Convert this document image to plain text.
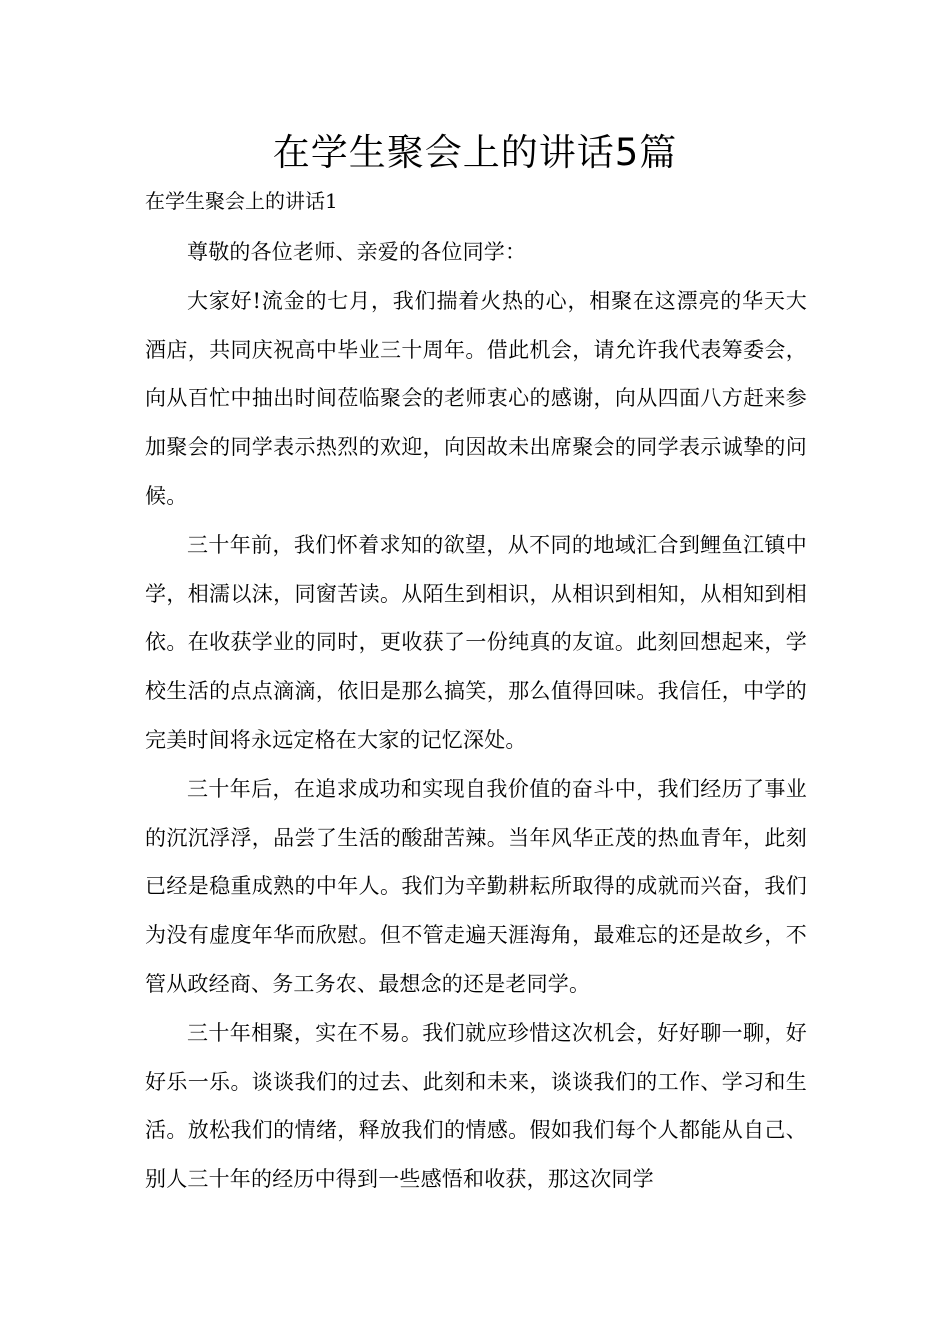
在学生聚会上的讲话5篇

在学生聚会上的讲话1

尊敬的各位老师、亲爱的各位同学：

大家好!流金的七月，我们揣着火热的心，相聚在这漂亮的华天大酒店，共同庆祝高中毕业三十周年。借此机会，请允许我代表筹委会，向从百忙中抽出时间莅临聚会的老师衷心的感谢，向从四面八方赶来参加聚会的同学表示热烈的欢迎，向因故未出席聚会的同学表示诚挚的问候。

三十年前，我们怀着求知的欲望，从不同的地域汇合到鲤鱼江镇中学，相濡以沫，同窗苦读。从陌生到相识，从相识到相知，从相知到相依。在收获学业的同时，更收获了一份纯真的友谊。此刻回想起来，学校生活的点点滴滴，依旧是那么搞笑，那么值得回味。我信任，中学的完美时间将永远定格在大家的记忆深处。

三十年后，在追求成功和实现自我价值的奋斗中，我们经历了事业的沉沉浮浮，品尝了生活的酸甜苦辣。当年风华正茂的热血青年，此刻已经是稳重成熟的中年人。我们为辛勤耕耘所取得的成就而兴奋，我们为没有虚度年华而欣慰。但不管走遍天涯海角，最难忘的还是故乡，不管从政经商、务工务农、最想念的还是老同学。

三十年相聚，实在不易。我们就应珍惜这次机会，好好聊一聊，好好乐一乐。谈谈我们的过去、此刻和未来，谈谈我们的工作、学习和生活。放松我们的情绪，释放我们的情感。假如我们每个人都能从自己、别人三十年的经历中得到一些感悟和收获，那这次同学
